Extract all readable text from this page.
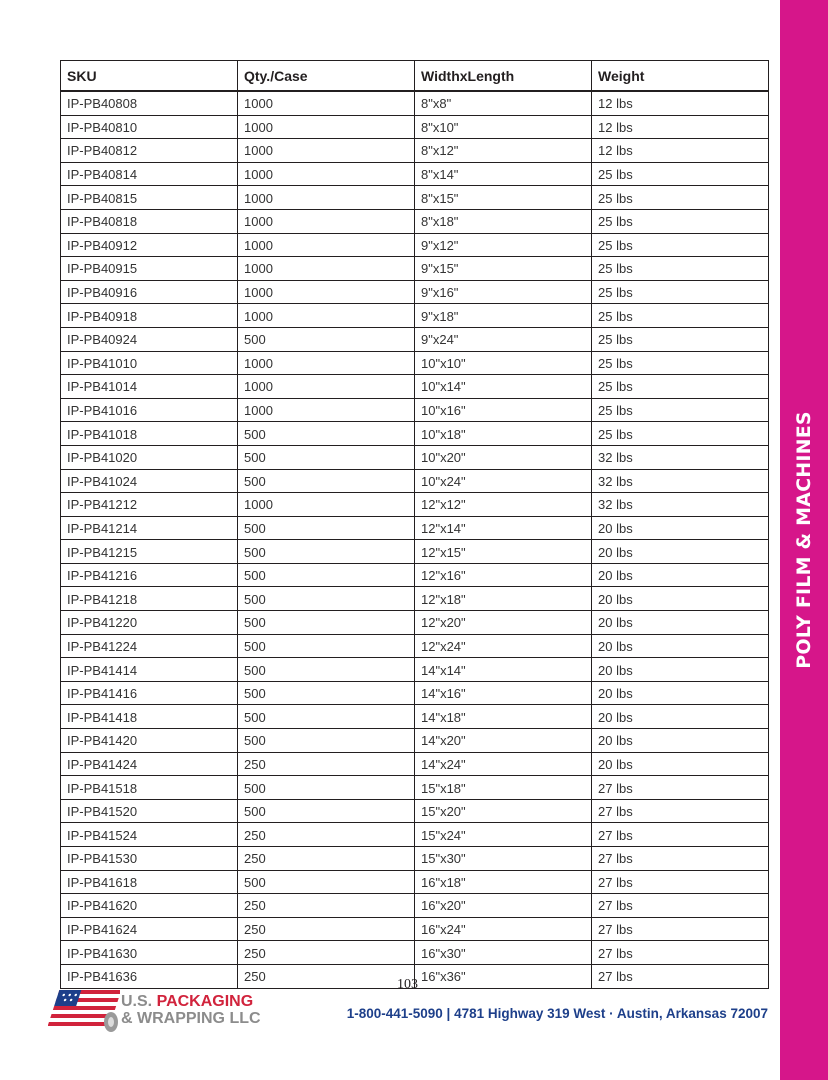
POLY FILM & MACHINES
SKU	Qty./Case	WidthxLength	Weight
IP-PB40808	1000	8"x8"	12 lbs
IP-PB40810	1000	8"x10"	12 lbs
IP-PB40812	1000	8"x12"	12 lbs
IP-PB40814	1000	8"x14"	25 lbs
IP-PB40815	1000	8"x15"	25 lbs
IP-PB40818	1000	8"x18"	25 lbs
IP-PB40912	1000	9"x12"	25 lbs
IP-PB40915	1000	9"x15"	25 lbs
IP-PB40916	1000	9"x16"	25 lbs
IP-PB40918	1000	9"x18"	25 lbs
IP-PB40924	500	9"x24"	25 lbs
IP-PB41010	1000	10"x10"	25 lbs
IP-PB41014	1000	10"x14"	25 lbs
IP-PB41016	1000	10"x16"	25 lbs
IP-PB41018	500	10"x18"	25 lbs
IP-PB41020	500	10"x20"	32 lbs
IP-PB41024	500	10"x24"	32 lbs
IP-PB41212	1000	12"x12"	32 lbs
IP-PB41214	500	12"x14"	20 lbs
IP-PB41215	500	12"x15"	20 lbs
IP-PB41216	500	12"x16"	20 lbs
IP-PB41218	500	12"x18"	20 lbs
IP-PB41220	500	12"x20"	20 lbs
IP-PB41224	500	12"x24"	20 lbs
IP-PB41414	500	14"x14"	20 lbs
IP-PB41416	500	14"x16"	20 lbs
IP-PB41418	500	14"x18"	20 lbs
IP-PB41420	500	14"x20"	20 lbs
IP-PB41424	250	14"x24"	20 lbs
IP-PB41518	500	15"x18"	27 lbs
IP-PB41520	500	15"x20"	27 lbs
IP-PB41524	250	15"x24"	27 lbs
IP-PB41530	250	15"x30"	27 lbs
IP-PB41618	500	16"x18"	27 lbs
IP-PB41620	250	16"x20"	27 lbs
IP-PB41624	250	16"x24"	27 lbs
IP-PB41630	250	16"x30"	27 lbs
IP-PB41636	250	16"x36"	27 lbs
103
U.S. PACKAGING
& WRAPPING LLC	1-800-441-5090 | 4781 Highway 319 West · Austin, Arkansas 72007
